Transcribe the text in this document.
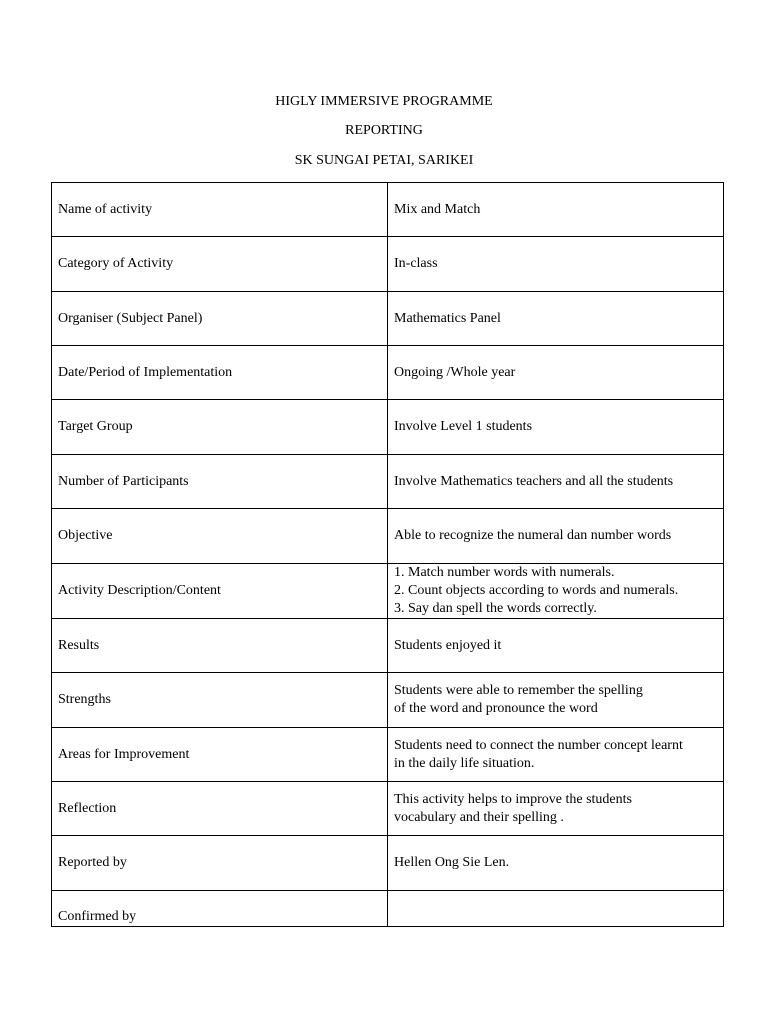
HIGLY IMMERSIVE PROGRAMME
REPORTING
SK SUNGAI PETAI, SARIKEI
Name of activity	Mix and Match
Category of Activity	In-class
Organiser (Subject Panel)	Mathematics Panel
Date/Period of Implementation	Ongoing /Whole year
Target Group	Involve Level 1 students
Number of Participants	Involve Mathematics teachers and all the students
Objective	Able to recognize the numeral dan number words
Activity Description/Content	1. Match number words with numerals.
2. Count objects according to words and numerals.
3. Say dan spell the words correctly.
Results	Students enjoyed it
Strengths	Students were able to remember the spelling
of the word and pronounce the word
Areas for Improvement	Students need to connect the number concept learnt
in the daily life situation.
Reflection	This activity helps to improve the students
vocabulary and their spelling .
Reported by	Hellen Ong Sie Len.
Confirmed by	
